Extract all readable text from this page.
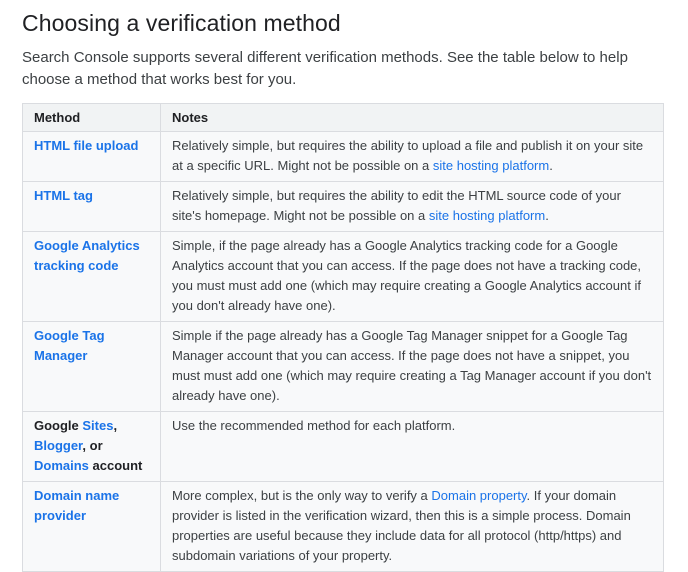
Choosing a verification method

Search Console supports several different verification methods. See the table below to help choose a method that works best for you.

Method	Notes
HTML file upload	Relatively simple, but requires the ability to upload a file and publish it on your site at a specific URL. Might not be possible on a site hosting platform.
HTML tag	Relatively simple, but requires the ability to edit the HTML source code of your site's homepage. Might not be possible on a site hosting platform.
Google Analytics tracking code	Simple, if the page already has a Google Analytics tracking code for a Google Analytics account that you can access. If the page does not have a tracking code, you must must add one (which may require creating a Google Analytics account if you don't already have one).
Google Tag Manager	Simple if the page already has a Google Tag Manager snippet for a Google Tag Manager account that you can access. If the page does not have a snippet, you must must add one (which may require creating a Tag Manager account if you don't already have one).
Google Sites,
Blogger, or
Domains account	Use the recommended method for each platform.
Domain name provider	More complex, but is the only way to verify a Domain property. If your domain provider is listed in the verification wizard, then this is a simple process. Domain properties are useful because they include data for all protocol (http/https) and subdomain variations of your property.
